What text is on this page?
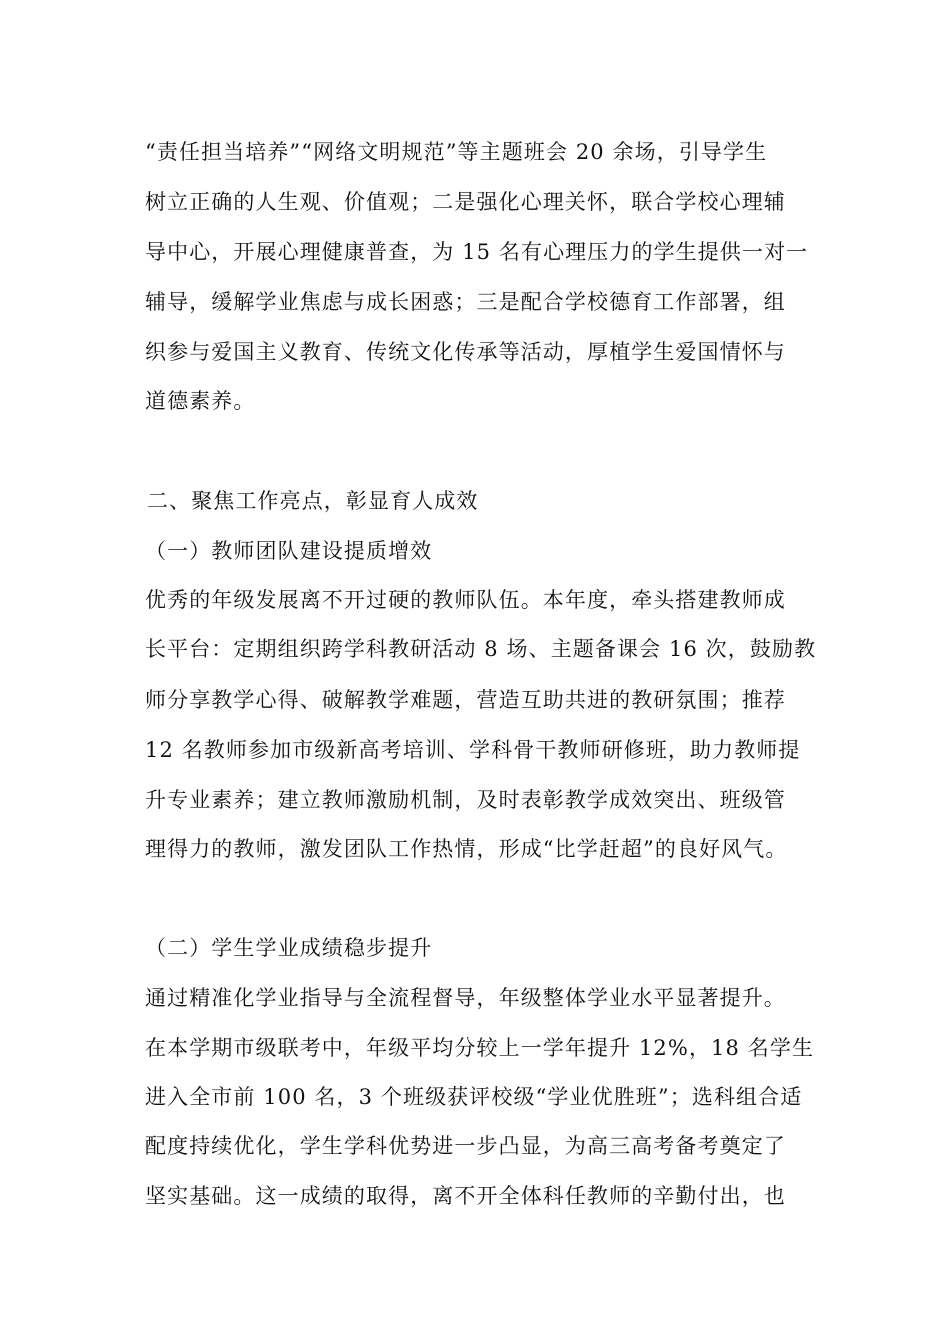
“责任担当培养”“网络文明规范”等主题班会 20 余场，引导学生
树立正确的人生观、价值观；二是强化心理关怀，联合学校心理辅
导中心，开展心理健康普查，为 15 名有心理压力的学生提供一对一
辅导，缓解学业焦虑与成长困惑；三是配合学校德育工作部署，组
织参与爱国主义教育、传统文化传承等活动，厚植学生爱国情怀与
道德素养。
二、聚焦工作亮点，彰显育人成效
（一）教师团队建设提质增效
优秀的年级发展离不开过硬的教师队伍。本年度，牵头搭建教师成
长平台：定期组织跨学科教研活动 8 场、主题备课会 16 次，鼓励教
师分享教学心得、破解教学难题，营造互助共进的教研氛围；推荐
12 名教师参加市级新高考培训、学科骨干教师研修班，助力教师提
升专业素养；建立教师激励机制，及时表彰教学成效突出、班级管
理得力的教师，激发团队工作热情，形成“比学赶超”的良好风气。
（二）学生学业成绩稳步提升
通过精准化学业指导与全流程督导，年级整体学业水平显著提升。
在本学期市级联考中，年级平均分较上一学年提升 12%，18 名学生
进入全市前 100 名，3 个班级获评校级“学业优胜班”；选科组合适
配度持续优化，学生学科优势进一步凸显，为高三高考备考奠定了
坚实基础。这一成绩的取得，离不开全体科任教师的辛勤付出，也
